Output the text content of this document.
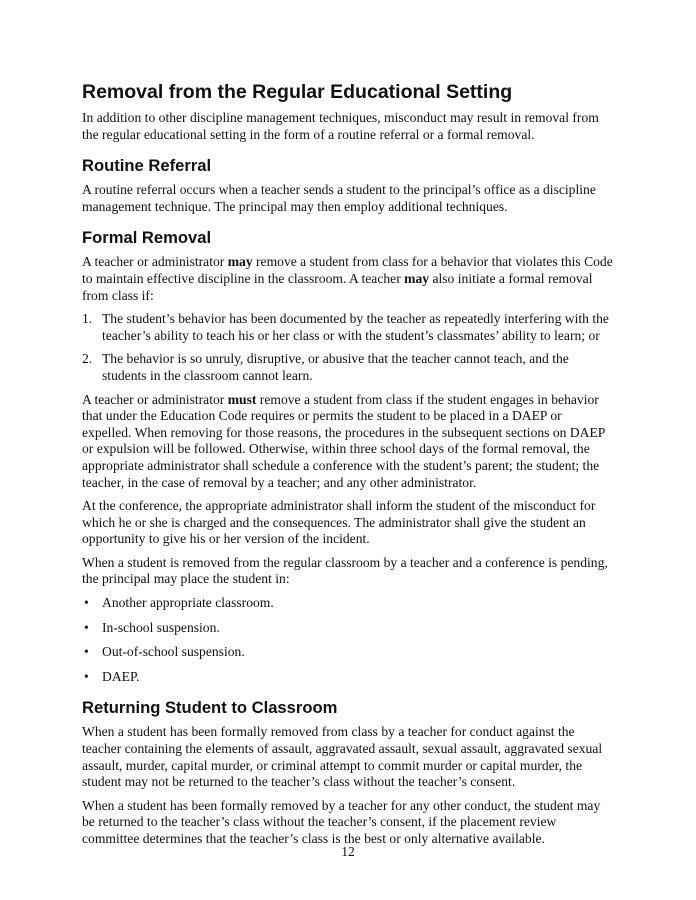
Removal from the Regular Educational Setting

In addition to other discipline management techniques, misconduct may result in removal from the regular educational setting in the form of a routine referral or a formal removal.

Routine Referral

A routine referral occurs when a teacher sends a student to the principal’s office as a discipline management technique. The principal may then employ additional techniques.

Formal Removal

A teacher or administrator may remove a student from class for a behavior that violates this Code to maintain effective discipline in the classroom. A teacher may also initiate a formal removal from class if:

1. The student’s behavior has been documented by the teacher as repeatedly interfering with the teacher’s ability to teach his or her class or with the student’s classmates’ ability to learn; or
2. The behavior is so unruly, disruptive, or abusive that the teacher cannot teach, and the students in the classroom cannot learn.

A teacher or administrator must remove a student from class if the student engages in behavior that under the Education Code requires or permits the student to be placed in a DAEP or expelled. When removing for those reasons, the procedures in the subsequent sections on DAEP or expulsion will be followed. Otherwise, within three school days of the formal removal, the appropriate administrator shall schedule a conference with the student’s parent; the student; the teacher, in the case of removal by a teacher; and any other administrator.

At the conference, the appropriate administrator shall inform the student of the misconduct for which he or she is charged and the consequences. The administrator shall give the student an opportunity to give his or her version of the incident.

When a student is removed from the regular classroom by a teacher and a conference is pending, the principal may place the student in:

• Another appropriate classroom.
• In-school suspension.
• Out-of-school suspension.
• DAEP.
Returning Student to Classroom

When a student has been formally removed from class by a teacher for conduct against the teacher containing the elements of assault, aggravated assault, sexual assault, aggravated sexual assault, murder, capital murder, or criminal attempt to commit murder or capital murder, the student may not be returned to the teacher’s class without the teacher’s consent.

When a student has been formally removed by a teacher for any other conduct, the student may be returned to the teacher’s class without the teacher’s consent, if the placement review committee determines that the teacher’s class is the best or only alternative available.

12
